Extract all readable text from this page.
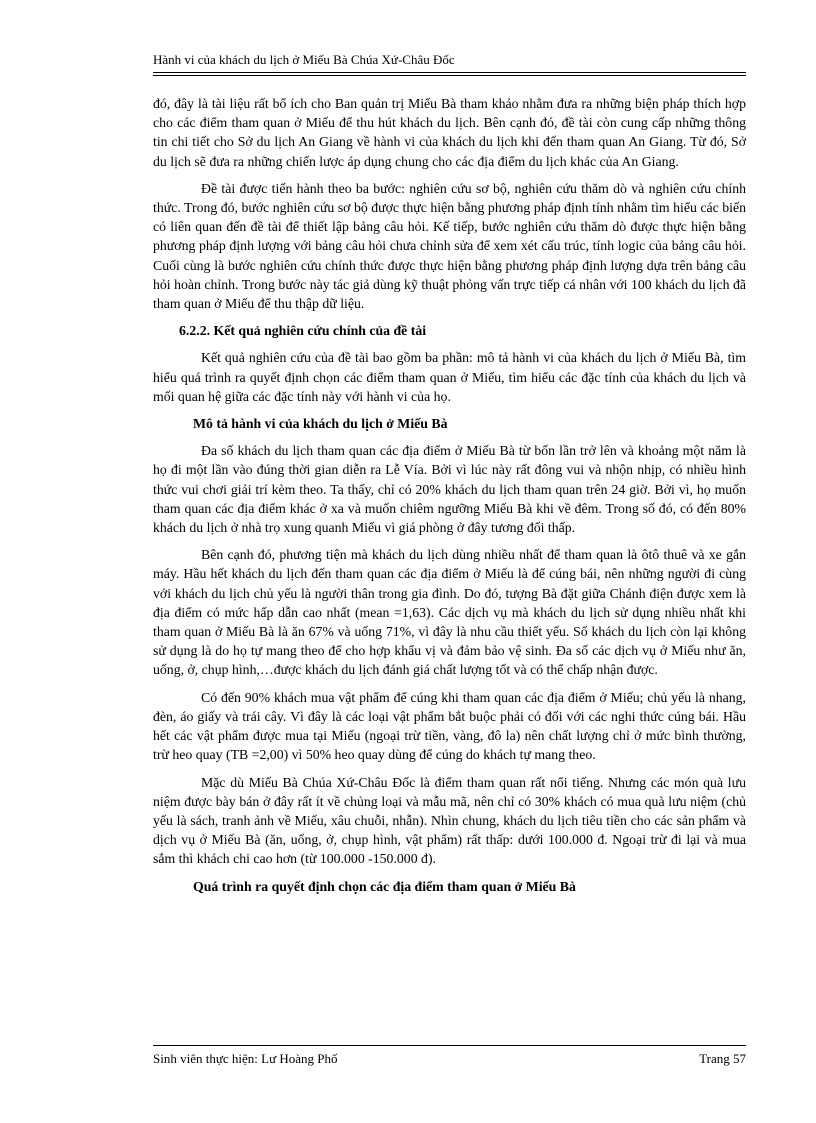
Hành vi của khách du lịch ở Miếu Bà Chúa Xứ-Châu Đốc

đó, đây là tài liệu rất bổ ích cho Ban quản trị Miếu Bà tham khảo nhằm đưa ra những biện pháp thích hợp cho các điểm tham quan ở Miếu để thu hút khách du lịch. Bên cạnh đó, đề tài còn cung cấp những thông tin chi tiết cho Sở du lịch An Giang về hành vi của khách du lịch khi đến tham quan An Giang. Từ đó, Sở du lịch sẽ đưa ra những chiến lược áp dụng chung cho các địa điểm du lịch khác của An Giang.

Đề tài được tiến hành theo ba bước: nghiên cứu sơ bộ, nghiên cứu thăm dò và nghiên cứu chính thức. Trong đó, bước nghiên cứu sơ bộ được thực hiện bằng phương pháp định tính nhằm tìm hiểu các biến có liên quan đến đề tài để thiết lập bảng câu hỏi. Kế tiếp, bước nghiên cứu thăm dò được thực hiện bằng phương pháp định lượng với bảng câu hỏi chưa chỉnh sửa để xem xét cấu trúc, tính logic của bảng câu hỏi. Cuối cùng là bước nghiên cứu chính thức được thực hiện bằng phương pháp định lượng dựa trên bảng câu hỏi hoàn chỉnh. Trong bước này tác giả dùng kỹ thuật phỏng vấn trực tiếp cá nhân với 100 khách du lịch đã tham quan ở Miếu để thu thập dữ liệu.

6.2.2. Kết quả nghiên cứu chính của đề tài

Kết quả nghiên cứu của đề tài bao gồm ba phần: mô tả hành vi của khách du lịch ở Miếu Bà, tìm hiểu quá trình ra quyết định chọn các điểm tham quan ở Miếu, tìm hiểu các đặc tính của khách du lịch và mối quan hệ giữa các đặc tính này với hành vi của họ.

Mô tả hành vi của khách du lịch ở Miếu Bà

Đa số khách du lịch tham quan các địa điểm ở Miếu Bà từ bốn lần trở lên và khoảng một năm là họ đi một lần vào đúng thời gian diễn ra Lễ Vía. Bởi vì lúc này rất đông vui và nhộn nhịp, có nhiều hình thức vui chơi giải trí kèm theo. Ta thấy, chỉ có 20% khách du lịch tham quan trên 24 giờ. Bởi vì, họ muốn tham quan các địa điểm khác ở xa và muốn chiêm ngưỡng Miếu Bà khi về đêm. Trong số đó, có đến 80% khách du lịch ở nhà trọ xung quanh Miếu vì giá phòng ở đây tương đối thấp.

Bên cạnh đó, phương tiện mà khách du lịch dùng nhiều nhất để tham quan là ôtô thuê và xe gắn máy. Hầu hết khách du lịch đến tham quan các địa điểm ở Miếu là để cúng bái, nên những người đi cùng với khách du lịch chủ yếu là người thân trong gia đình. Do đó, tượng Bà đặt giữa Chánh điện được xem là địa điểm có mức hấp dẫn cao nhất (mean =1,63). Các dịch vụ mà khách du lịch sử dụng nhiều nhất khi tham quan ở Miếu Bà là ăn 67% và uống 71%, vì đây là nhu cầu thiết yếu. Số khách du lịch còn lại không sử dụng là do họ tự mang theo để cho hợp khẩu vị và đảm bảo vệ sinh. Đa số các dịch vụ ở Miếu như ăn, uống, ở, chụp hình,…được khách du lịch đánh giá chất lượng tốt và có thể chấp nhận được.

Có đến 90% khách mua vật phẩm để cúng khi tham quan các địa điểm ở Miếu; chủ yếu là nhang, đèn, áo giấy và trái cây. Vì đây là các loại vật phẩm bắt buộc phải có đối với các nghi thức cúng bái. Hầu hết các vật phẩm được mua tại Miếu (ngoại trừ tiền, vàng, đô la) nên chất lượng chỉ ở mức bình thường, trừ heo quay (TB =2,00) vì 50% heo quay dùng để cúng do khách tự mang theo.

Mặc dù Miếu Bà Chúa Xứ-Châu Đốc là điểm tham quan rất nổi tiếng. Nhưng các món quà lưu niệm được bày bán ở đây rất ít về chủng loại và mẫu mã, nên chỉ có 30% khách có mua quà lưu niệm (chủ yếu là sách, tranh ảnh về Miếu, xâu chuỗi, nhẫn). Nhìn chung, khách du lịch tiêu tiền cho các sản phẩm và dịch vụ ở Miếu Bà (ăn, uống, ở, chụp hình, vật phẩm) rất thấp: dưới 100.000 đ. Ngoại trừ đi lại và mua sắm thì khách chi cao hơn (từ 100.000 -150.000 đ).

Quá trình ra quyết định chọn các địa điểm tham quan ở Miếu Bà

Sinh viên thực hiện: Lư Hoàng Phố	Trang 57
